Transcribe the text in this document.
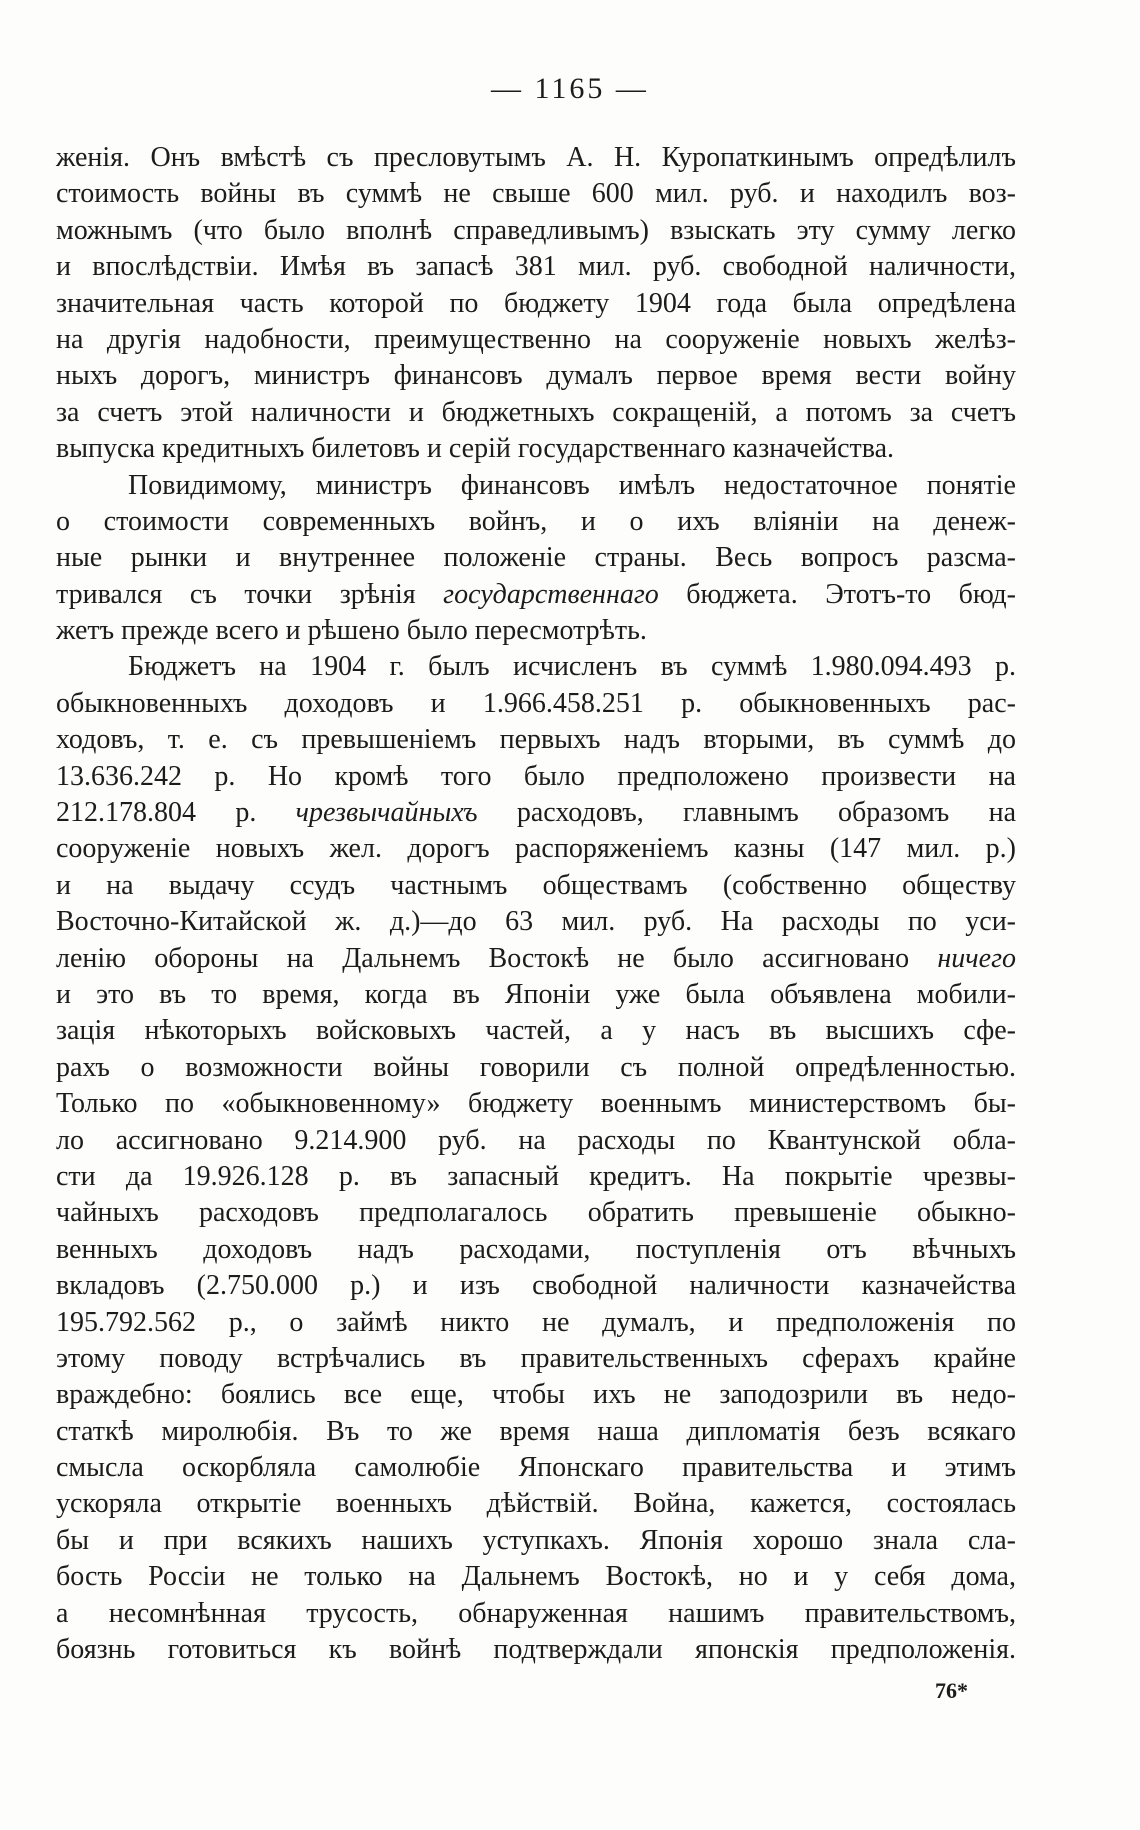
— 1165 —
женія. Онъ вмѣстѣ съ пресловутымъ А. Н. Куропаткинымъ опредѣлилъ
стоимость войны въ суммѣ не свыше 600 мил. руб. и находилъ воз-
можнымъ (что было вполнѣ справедливымъ) взыскать эту сумму легко
и впослѣдствіи. Имѣя въ запасѣ 381 мил. руб. свободной наличности,
значительная часть которой по бюджету 1904 года была опредѣлена
на другія надобности, преимущественно на сооруженіе новыхъ желѣз-
ныхъ дорогъ, министръ финансовъ думалъ первое время вести войну
за счетъ этой наличности и бюджетныхъ сокращеній, а потомъ за счетъ
выпуска кредитныхъ билетовъ и серій государственнаго казначейства.
Повидимому, министръ финансовъ имѣлъ недостаточное понятіе
о стоимости современныхъ войнъ, и о ихъ вліяніи на денеж-
ные рынки и внутреннее положеніе страны. Весь вопросъ разсма-
тривался съ точки зрѣнія государственнаго бюджета. Этотъ-то бюд-
жетъ прежде всего и рѣшено было пересмотрѣть.
Бюджетъ на 1904 г. былъ исчисленъ въ суммѣ 1.980.094.493 р.
обыкновенныхъ доходовъ и 1.966.458.251 р. обыкновенныхъ рас-
ходовъ, т. е. съ превышеніемъ первыхъ надъ вторыми, въ суммѣ до
13.636.242 р. Но кромѣ того было предположено произвести на
212.178.804 р. чрезвычайныхъ расходовъ, главнымъ образомъ на
сооруженіе новыхъ жел. дорогъ распоряженіемъ казны (147 мил. р.)
и на выдачу ссудъ частнымъ обществамъ (собственно обществу
Восточно-Китайской ж. д.)—до 63 мил. руб. На расходы по уси-
ленію обороны на Дальнемъ Востокѣ не было ассигновано ничего
и это въ то время, когда въ Японіи уже была объявлена мобили-
зація нѣкоторыхъ войсковыхъ частей, а у насъ въ высшихъ сфе-
рахъ о возможности войны говорили съ полной опредѣленностью.
Только по «обыкновенному» бюджету военнымъ министерствомъ бы-
ло ассигновано 9.214.900 руб. на расходы по Квантунской обла-
сти да 19.926.128 р. въ запасный кредитъ. На покрытіе чрезвы-
чайныхъ расходовъ предполагалось обратить превышеніе обыкно-
венныхъ доходовъ надъ расходами, поступленія отъ вѣчныхъ
вкладовъ (2.750.000 р.) и изъ свободной наличности казначейства
195.792.562 р., о займѣ никто не думалъ, и предположенія по
этому поводу встрѣчались въ правительственныхъ сферахъ крайне
враждебно: боялись все еще, чтобы ихъ не заподозрили въ недо-
статкѣ миролюбія. Въ то же время наша дипломатія безъ всякаго
смысла оскорбляла самолюбіе Японскаго правительства и этимъ
ускоряла открытіе военныхъ дѣйствій. Война, кажется, состоялась
бы и при всякихъ нашихъ уступкахъ. Японія хорошо знала сла-
бость Россіи не только на Дальнемъ Востокѣ, но и у себя дома,
а несомнѣнная трусость, обнаруженная нашимъ правительствомъ,
боязнь готовиться къ войнѣ подтверждали японскія предположенія.
76*
